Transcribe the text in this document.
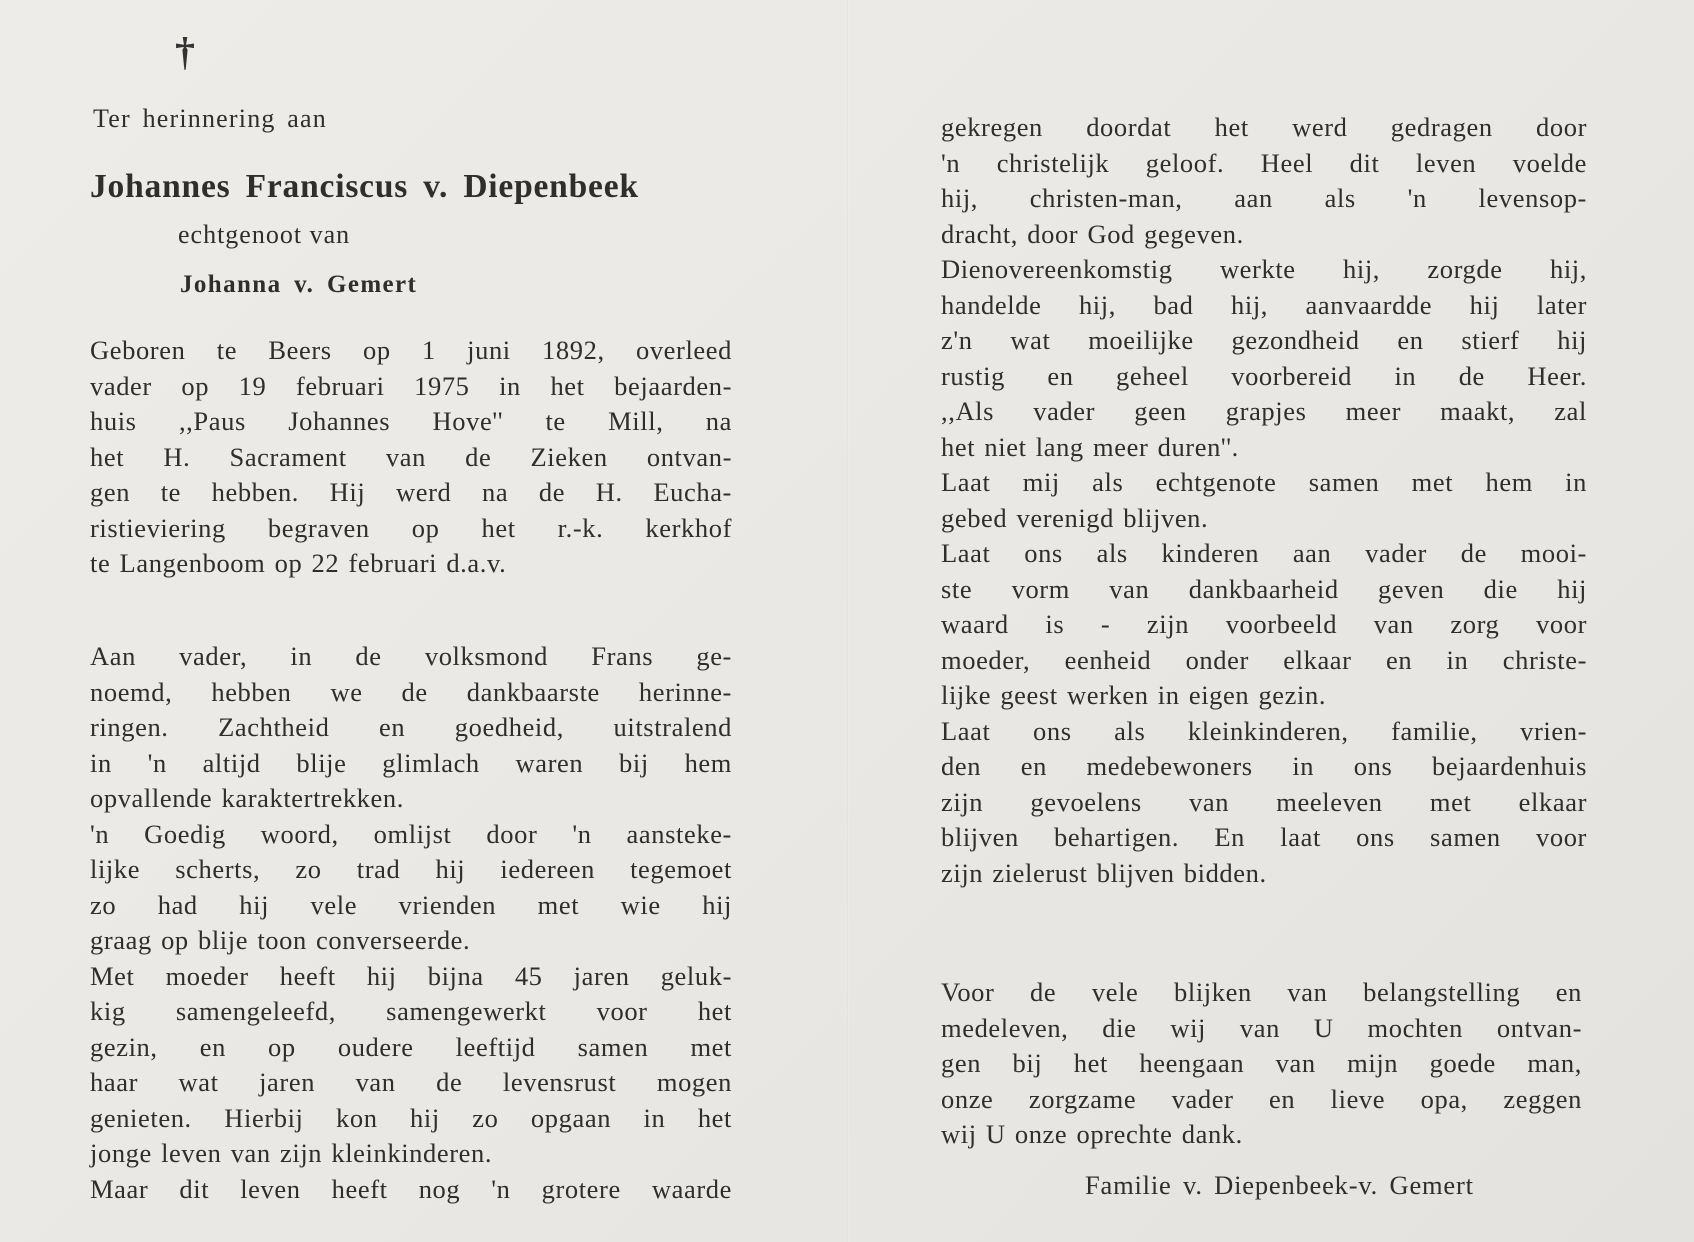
†
Ter herinnering aan
Johannes Franciscus v. Diepenbeek
echtgenoot van
Johanna v. Gemert
Geboren te Beers op 1 juni 1892, overleed
vader op 19 februari 1975 in het bejaarden-
huis ,,Paus Johannes Hove'' te Mill, na
het H. Sacrament van de Zieken ontvan-
gen te hebben. Hij werd na de H. Eucha-
ristieviering begraven op het r.-k. kerkhof
te Langenboom op 22 februari d.a.v.
Aan vader, in de volksmond Frans ge-
noemd, hebben we de dankbaarste herinne-
ringen. Zachtheid en goedheid, uitstralend
in 'n altijd blije glimlach waren bij hem
opvallende karaktertrekken.
'n Goedig woord, omlijst door 'n aansteke-
lijke scherts, zo trad hij iedereen tegemoet
zo had hij vele vrienden met wie hij
graag op blije toon converseerde.
Met moeder heeft hij bijna 45 jaren geluk-
kig samengeleefd, samengewerkt voor het
gezin, en op oudere leeftijd samen met
haar wat jaren van de levensrust mogen
genieten. Hierbij kon hij zo opgaan in het
jonge leven van zijn kleinkinderen.
Maar dit leven heeft nog 'n grotere waarde
gekregen doordat het werd gedragen door
'n christelijk geloof. Heel dit leven voelde
hij, christen-man, aan als 'n levensop-
dracht, door God gegeven.
Dienovereenkomstig werkte hij, zorgde hij,
handelde hij, bad hij, aanvaardde hij later
z'n wat moeilijke gezondheid en stierf hij
rustig en geheel voorbereid in de Heer.
,,Als vader geen grapjes meer maakt, zal
het niet lang meer duren''.
Laat mij als echtgenote samen met hem in
gebed verenigd blijven.
Laat ons als kinderen aan vader de mooi-
ste vorm van dankbaarheid geven die hij
waard is - zijn voorbeeld van zorg voor
moeder, eenheid onder elkaar en in christe-
lijke geest werken in eigen gezin.
Laat ons als kleinkinderen, familie, vrien-
den en medebewoners in ons bejaardenhuis
zijn gevoelens van meeleven met elkaar
blijven behartigen. En laat ons samen voor
zijn zielerust blijven bidden.
Voor de vele blijken van belangstelling en
medeleven, die wij van U mochten ontvan-
gen bij het heengaan van mijn goede man,
onze zorgzame vader en lieve opa, zeggen
wij U onze oprechte dank.
Familie v. Diepenbeek-v. Gemert
